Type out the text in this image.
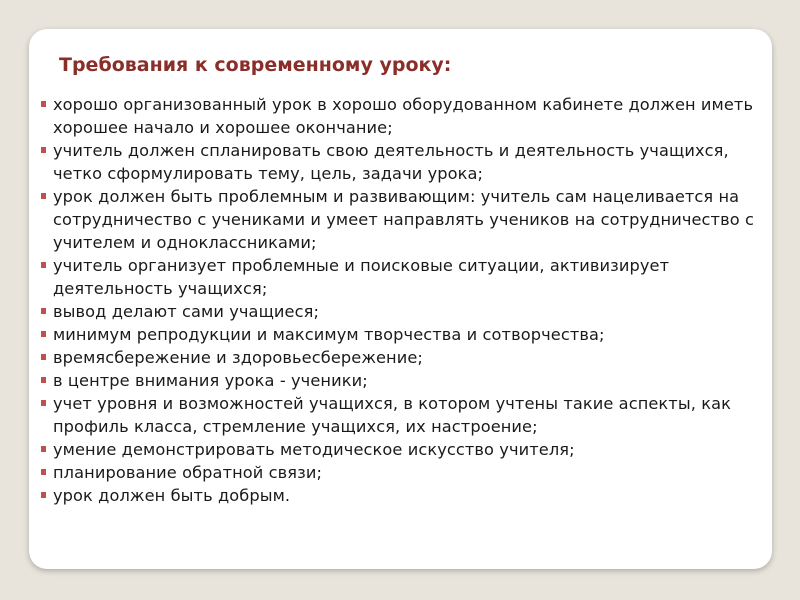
Требования к современному уроку:
хорошо организованный урок в хорошо оборудованном кабинете должен иметь хорошее начало и хорошее окончание;
учитель должен спланировать свою деятельность и деятельность учащихся, четко сформулировать тему, цель, задачи урока;
урок должен быть проблемным и развивающим: учитель сам нацеливается на сотрудничество с учениками и умеет направлять учеников на сотрудничество с учителем и одноклассниками;
учитель организует проблемные и поисковые ситуации, активизирует деятельность учащихся;
вывод делают сами учащиеся;
минимум репродукции и максимум творчества и сотворчества;
времясбережение и здоровьесбережение;
в центре внимания урока - ученики;
учет уровня и возможностей учащихся, в котором учтены такие аспекты, как профиль класса, стремление учащихся, их настроение;
умение демонстрировать методическое искусство учителя;
планирование обратной связи;
урок должен быть добрым.
